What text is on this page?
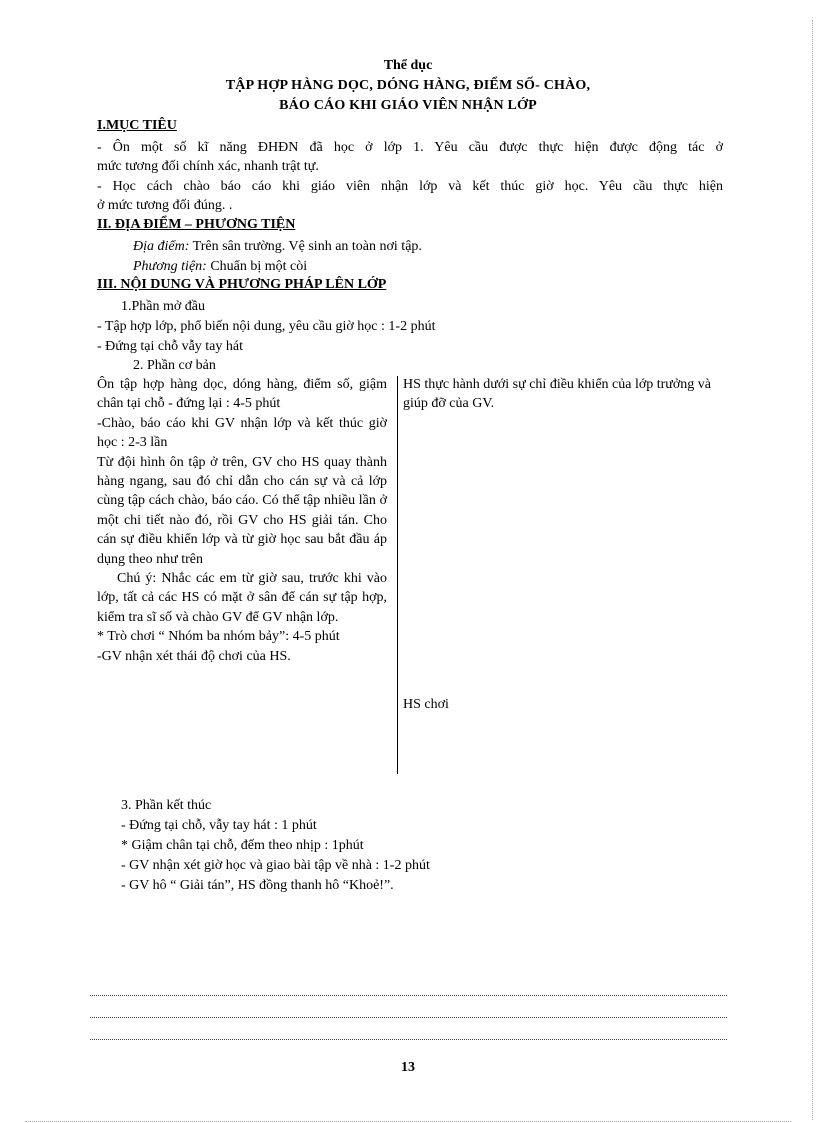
Thể dục
TẬP HỢP HÀNG DỌC, DÓNG HÀNG, ĐIỂM SỐ- CHÀO,
BÁO CÁO KHI GIÁO VIÊN NHẬN LỚP
I.MỤC TIÊU
- Ôn một số kĩ năng ĐHĐN đã học ở lớp 1. Yêu cầu được thực hiện được động tác ở
mức tương đối chính xác, nhanh trật tự.
- Học cách chào báo cáo khi giáo viên nhận lớp và kết thúc giờ học. Yêu cầu thực hiện
ở mức tương đối đúng. .
II. ĐỊA ĐIỂM – PHƯƠNG TIỆN
Địa điểm: Trên sân trường. Vệ sinh an toàn nơi tập.
Phương tiện: Chuẩn bị một còi
III. NỘI DUNG VÀ PHƯƠNG PHÁP LÊN LỚP
1.Phần mở đầu
- Tập hợp lớp, phổ biến nội dung, yêu cầu giờ học : 1-2 phút
- Đứng tại chỗ vẫy tay hát
2. Phần cơ bản

Ôn tập hợp hàng dọc, dóng hàng, điểm số, giậm chân tại chỗ - đứng lại : 4-5 phút

-Chào, báo cáo khi GV nhận lớp và kết thúc giờ học : 2-3 lần

Từ đội hình ôn tập ở trên, GV cho HS quay thành hàng ngang, sau đó chỉ dẫn cho cán sự và cả lớp cùng tập cách chào, báo cáo. Có thể tập nhiều lần ở một chi tiết nào đó, rồi GV cho HS giải tán. Cho cán sự điều khiển lớp và từ giờ học sau bắt đầu áp dụng theo như trên

Chú ý: Nhắc các em từ giờ sau, trước khi vào lớp, tất cả các HS có mặt ở sân để cán sự tập hợp, kiểm tra sĩ số và chào GV để GV nhận lớp.

* Trò chơi “ Nhóm ba nhóm bảy”: 4-5 phút

-GV nhận xét thái độ chơi của HS.

HS thực hành dưới sự chỉ điều khiển của lớp trưởng và giúp đỡ của GV.
HS chơi
3. Phần kết thúc
- Đứng tại chỗ, vẫy tay hát : 1 phút
* Giậm chân tại chỗ, đếm theo nhịp : 1phút
- GV nhận xét giờ học và giao bài tập về nhà : 1-2 phút
- GV hô “ Giải tán”, HS đồng thanh hô “Khoẻ!”.
13
